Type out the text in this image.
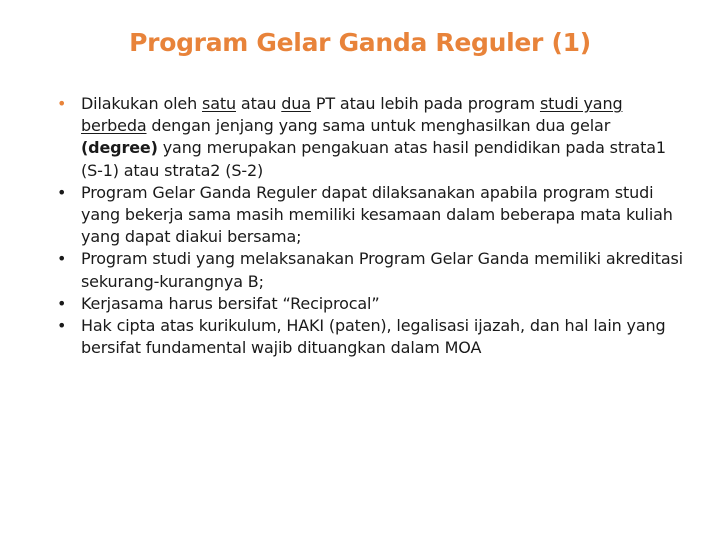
Program Gelar Ganda Reguler (1)
• Dilakukan oleh satu atau dua PT atau lebih pada program studi yang berbeda dengan jenjang yang sama untuk menghasilkan dua gelar (degree) yang merupakan pengakuan atas hasil pendidikan pada strata1 (S-1) atau strata2 (S-2)
• Program Gelar Ganda Reguler dapat dilaksanakan apabila program studi yang bekerja sama masih memiliki kesamaan dalam beberapa mata kuliah yang dapat diakui bersama;
• Program studi yang melaksanakan Program Gelar Ganda memiliki akreditasi sekurang-kurangnya B;
• Kerjasama harus bersifat “Reciprocal”
• Hak cipta atas kurikulum, HAKI (paten), legalisasi ijazah, dan hal lain yang bersifat fundamental wajib dituangkan dalam MOA
